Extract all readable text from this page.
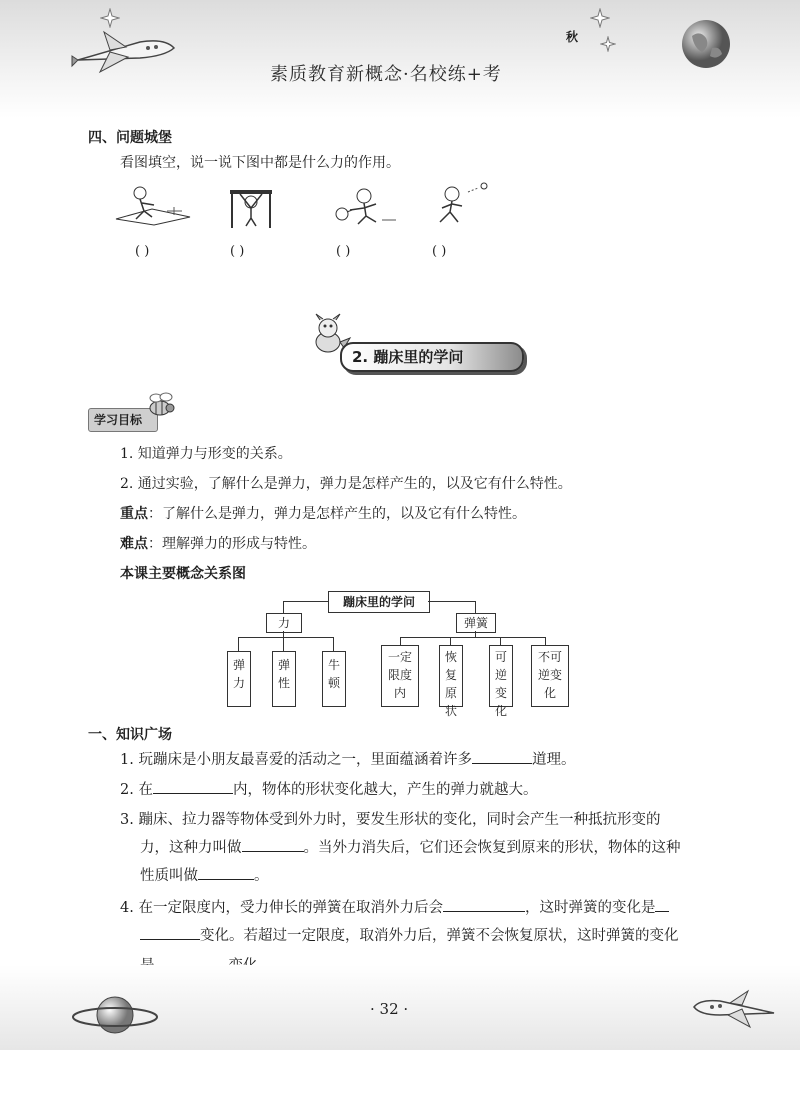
秋
素质教育新概念·名校练+考
四、问题城堡
看图填空，说一说下图中都是什么力的作用。
( )	( )	( )	( )
2. 蹦床里的学问
学习目标
1. 知道弹力与形变的关系。
2. 通过实验，了解什么是弹力，弹力是怎样产生的，以及它有什么特性。
重点：了解什么是弹力，弹力是怎样产生的，以及它有什么特性。
难点：理解弹力的形成与特性。
本课主要概念关系图
蹦床里的学问
力	弹簧
弹力
弹性
牛顿
一定限度内
恢复原状
可逆变化
不可逆变化
一、知识广场
1. 玩蹦床是小朋友最喜爱的活动之一，里面蕴涵着许多	道理。
2. 在	内，物体的形状变化越大，产生的弹力就越大。
3. 蹦床、拉力器等物体受到外力时，要发生形状的变化，同时会产生一种抵抗形变的
力，这种力叫做	。当外力消失后，它们还会恢复到原来的形状，物体的这种
性质叫做	。
4. 在一定限度内，受力伸长的弹簧在取消外力后会	，这时弹簧的变化是
变化。若超过一定限度，取消外力后，弹簧不会恢复原状，这时弹簧的变化
· 32 ·
